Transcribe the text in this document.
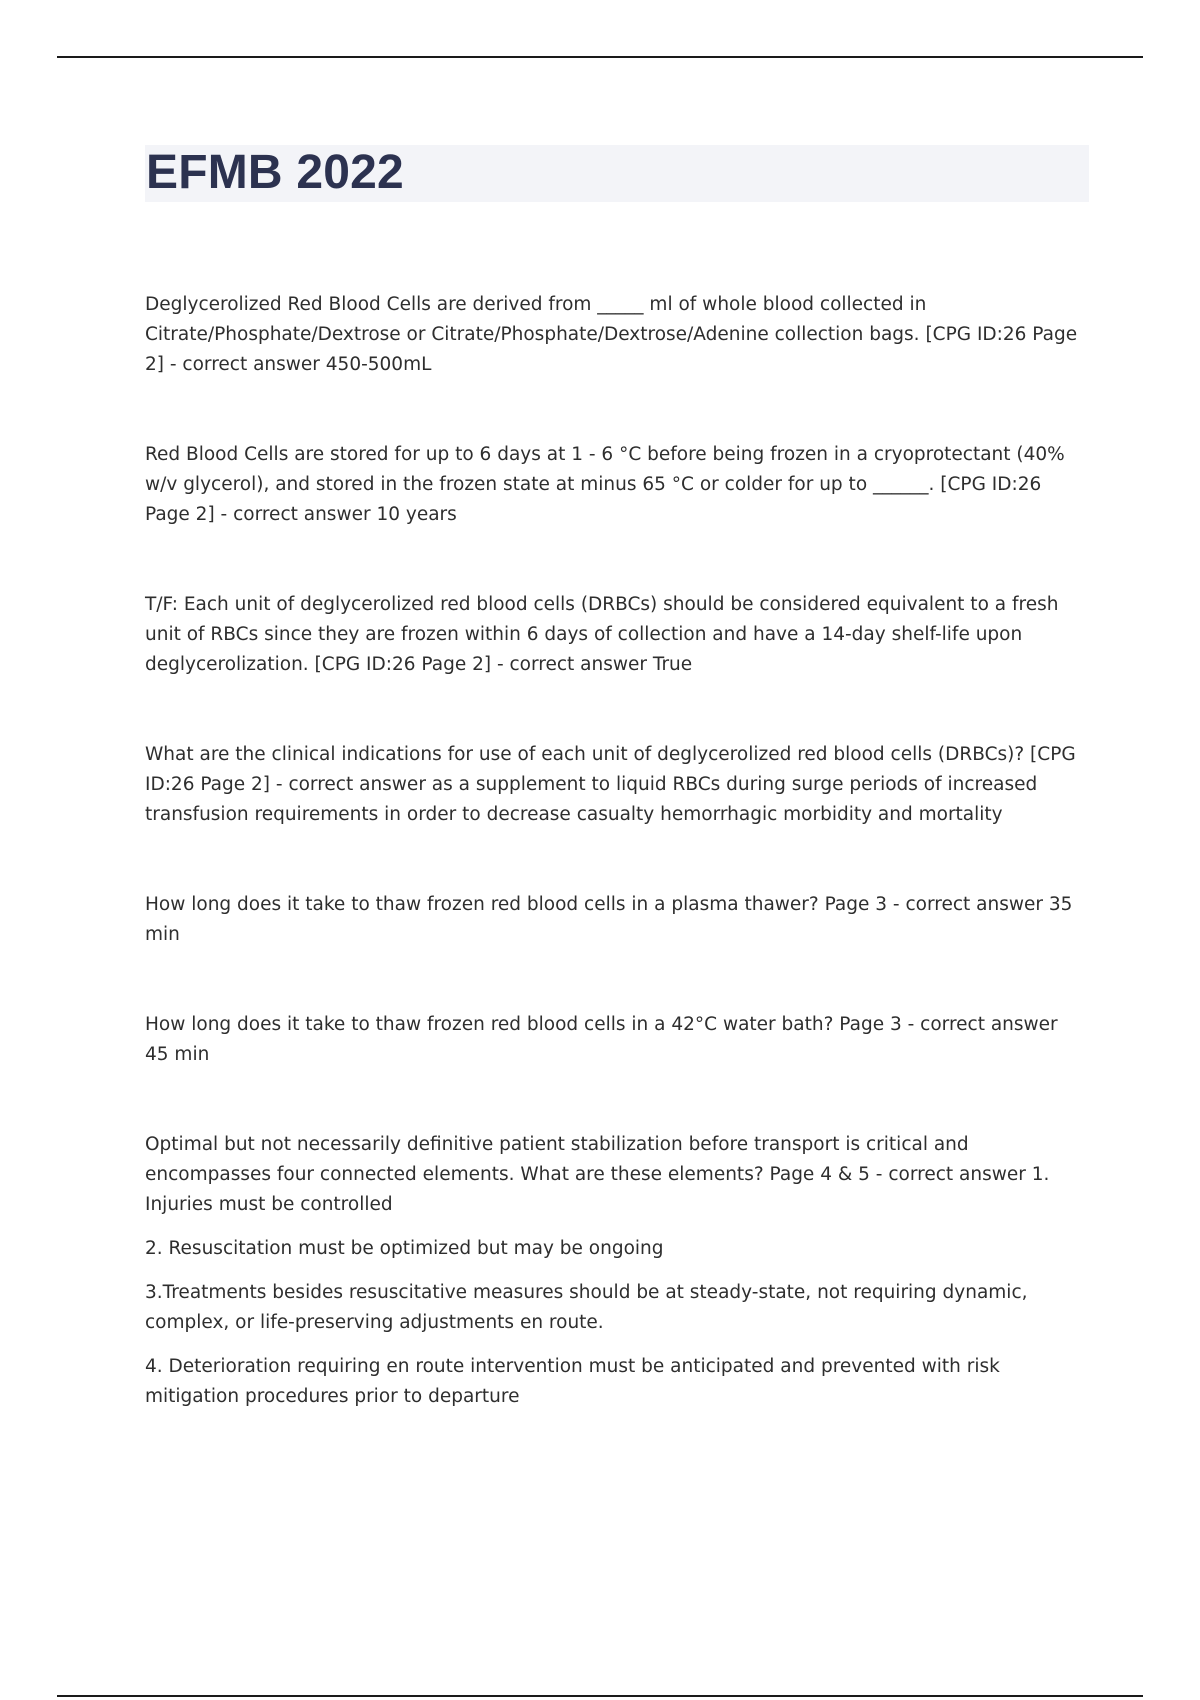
EFMB 2022

Deglycerolized Red Blood Cells are derived from _____ ml of whole blood collected in Citrate/Phosphate/Dextrose or Citrate/Phosphate/Dextrose/Adenine collection bags. [CPG ID:26 Page 2] - correct answer 450-500mL

Red Blood Cells are stored for up to 6 days at 1 - 6 °C before being frozen in a cryoprotectant (40% w/v glycerol), and stored in the frozen state at minus 65 °C or colder for up to ______. [CPG ID:26 Page 2] - correct answer 10 years

T/F: Each unit of deglycerolized red blood cells (DRBCs) should be considered equivalent to a fresh unit of RBCs since they are frozen within 6 days of collection and have a 14-day shelf-life upon deglycerolization. [CPG ID:26 Page 2] - correct answer True

What are the clinical indications for use of each unit of deglycerolized red blood cells (DRBCs)? [CPG ID:26 Page 2] - correct answer as a supplement to liquid RBCs during surge periods of increased transfusion requirements in order to decrease casualty hemorrhagic morbidity and mortality

How long does it take to thaw frozen red blood cells in a plasma thawer? Page 3 - correct answer 35 min

How long does it take to thaw frozen red blood cells in a 42°C water bath? Page 3 - correct answer 45 min

Optimal but not necessarily definitive patient stabilization before transport is critical and encompasses four connected elements. What are these elements? Page 4 & 5 - correct answer 1. Injuries must be controlled

2. Resuscitation must be optimized but may be ongoing

3.Treatments besides resuscitative measures should be at steady-state, not requiring dynamic, complex, or life-preserving adjustments en route.

4. Deterioration requiring en route intervention must be anticipated and prevented with risk mitigation procedures prior to departure
